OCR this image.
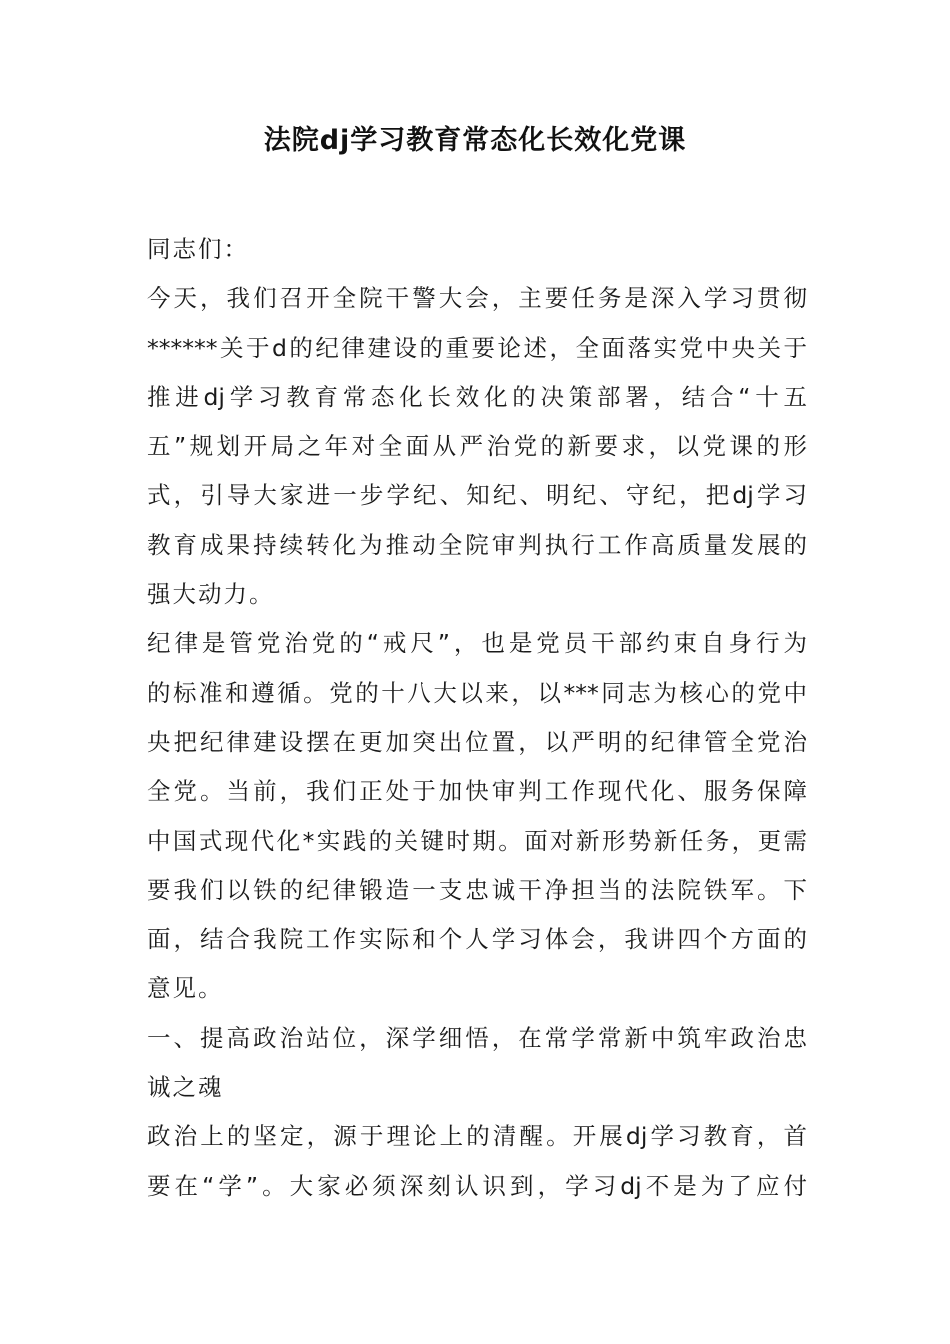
法院dj学习教育常态化长效化党课
同志们：
今天，我们召开全院干警大会，主要任务是深入学习贯彻
******关于d的纪律建设的重要论述，全面落实党中央关于
推进dj学习教育常态化长效化的决策部署，结合“十五
五”规划开局之年对全面从严治党的新要求，以党课的形
式，引导大家进一步学纪、知纪、明纪、守纪，把dj学习
教育成果持续转化为推动全院审判执行工作高质量发展的
强大动力。
纪律是管党治党的“戒尺”，也是党员干部约束自身行为
的标准和遵循。党的十八大以来，以***同志为核心的党中
央把纪律建设摆在更加突出位置，以严明的纪律管全党治
全党。当前，我们正处于加快审判工作现代化、服务保障
中国式现代化*实践的关键时期。面对新形势新任务，更需
要我们以铁的纪律锻造一支忠诚干净担当的法院铁军。下
面，结合我院工作实际和个人学习体会，我讲四个方面的
意见。
一、提高政治站位，深学细悟，在常学常新中筑牢政治忠
诚之魂
政治上的坚定，源于理论上的清醒。开展dj学习教育，首
要在“学”。大家必须深刻认识到，学习dj不是为了应付
